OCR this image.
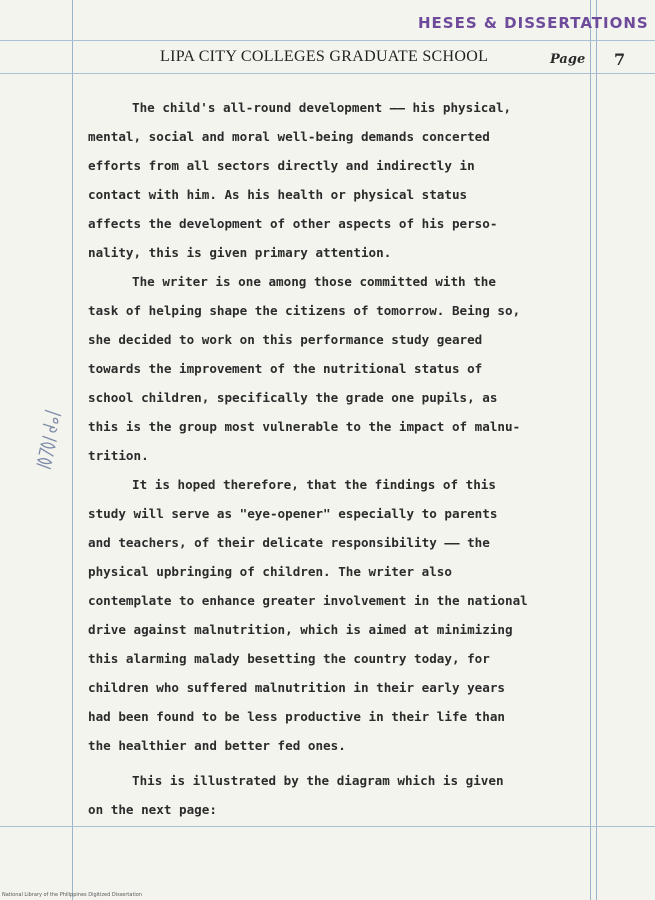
HESES & DISSERTATIONS
LIPA CITY COLLEGES GRADUATE SCHOOL	Page 7
The child's all-round development —— his physical,
mental, social and moral well-being demands concerted
efforts from all sectors directly and indirectly in
contact with him. As his health or physical status
affects the development of other aspects of his perso-
nality, this is given primary attention.
The writer is one among those committed with the
task of helping shape the citizens of tomorrow. Being so,
she decided to work on this performance study geared
towards the improvement of the nutritional status of
school children, specifically the grade one pupils, as
this is the group most vulnerable to the impact of malnu-
trition.
It is hoped therefore, that the findings of this
study will serve as "eye-opener" especially to parents
and teachers, of their delicate responsibility —— the
physical upbringing of children. The writer also
contemplate to enhance greater involvement in the national
drive against malnutrition, which is aimed at minimizing
this alarming malady besetting the country today, for
children who suffered malnutrition in their early years
had been found to be less productive in their life than
the healthier and better fed ones.
This is illustrated by the diagram which is given
on the next page:
National Library of the Philippines Digitized Dissertation
